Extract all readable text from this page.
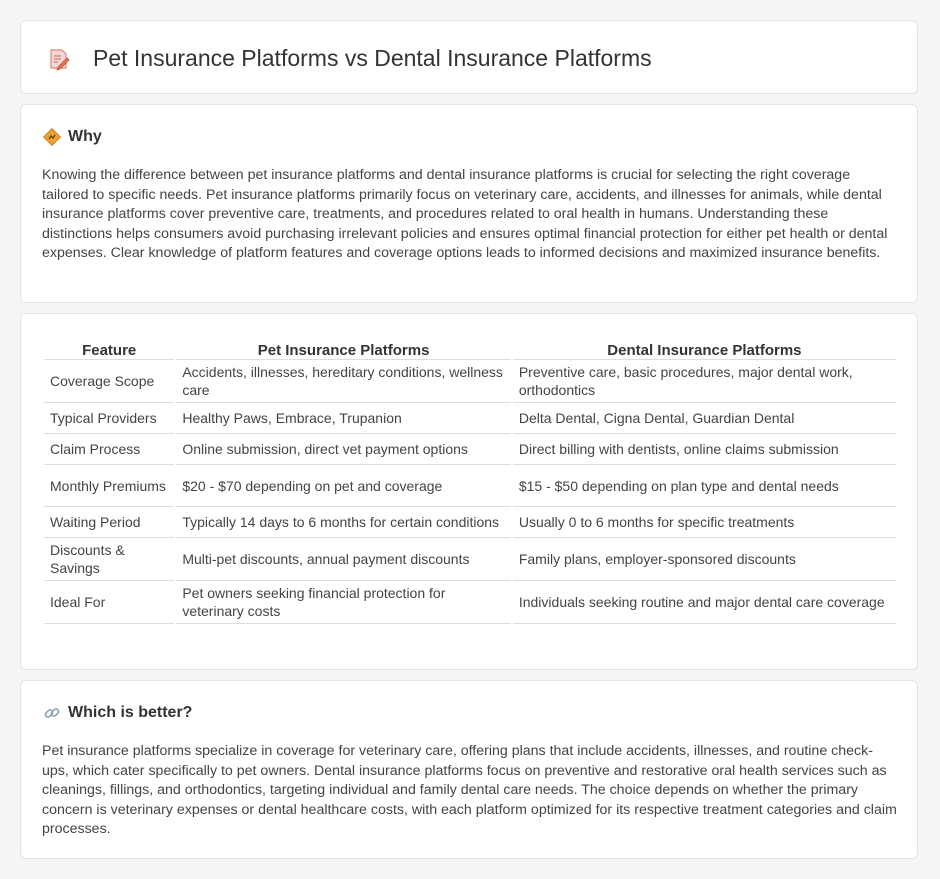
Pet Insurance Platforms vs Dental Insurance Platforms
Why

Knowing the difference between pet insurance platforms and dental insurance platforms is crucial for selecting the right coverage tailored to specific needs. Pet insurance platforms primarily focus on veterinary care, accidents, and illnesses for animals, while dental insurance platforms cover preventive care, treatments, and procedures related to oral health in humans. Understanding these distinctions helps consumers avoid purchasing irrelevant policies and ensures optimal financial protection for either pet health or dental expenses. Clear knowledge of platform features and coverage options leads to informed decisions and maximized insurance benefits.

Feature	Pet Insurance Platforms	Dental Insurance Platforms
Coverage Scope	Accidents, illnesses, hereditary conditions, wellness care	Preventive care, basic procedures, major dental work, orthodontics
Typical Providers	Healthy Paws, Embrace, Trupanion	Delta Dental, Cigna Dental, Guardian Dental
Claim Process	Online submission, direct vet payment options	Direct billing with dentists, online claims submission
Monthly Premiums	$20 - $70 depending on pet and coverage	$15 - $50 depending on plan type and dental needs
Waiting Period	Typically 14 days to 6 months for certain conditions	Usually 0 to 6 months for specific treatments
Discounts & Savings	Multi-pet discounts, annual payment discounts	Family plans, employer-sponsored discounts
Ideal For	Pet owners seeking financial protection for veterinary costs	Individuals seeking routine and major dental care coverage
Which is better?

Pet insurance platforms specialize in coverage for veterinary care, offering plans that include accidents, illnesses, and routine check-ups, which cater specifically to pet owners. Dental insurance platforms focus on preventive and restorative oral health services such as cleanings, fillings, and orthodontics, targeting individual and family dental care needs. The choice depends on whether the primary concern is veterinary expenses or dental healthcare costs, with each platform optimized for its respective treatment categories and claim processes.
